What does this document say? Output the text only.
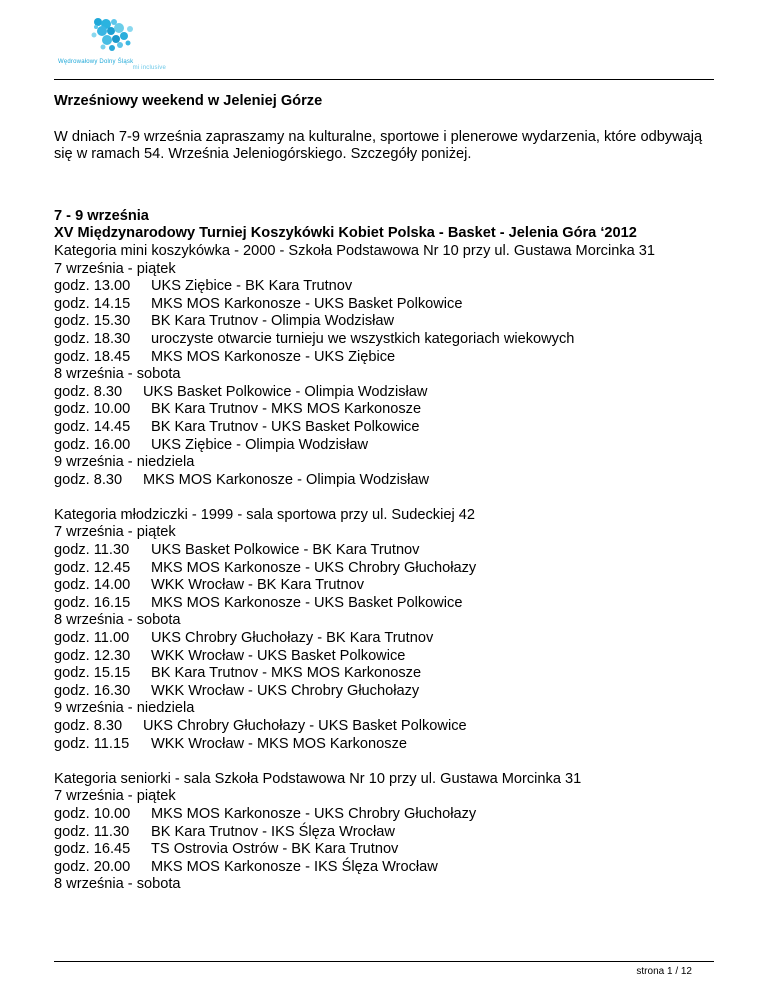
Wędrowałowy Dolny Śląsk
mi inclusive
Wrześniowy weekend w Jeleniej Górze
W dniach 7-9 września zapraszamy na kulturalne, sportowe i plenerowe wydarzenia, które odbywają się w ramach 54. Września Jeleniogórskiego. Szczegóły poniżej.
7 - 9 września
XV Międzynarodowy Turniej Koszykówki Kobiet Polska - Basket - Jelenia Góra ‘2012
Kategoria mini koszykówka - 2000 - Szkoła Podstawowa Nr 10 przy ul. Gustawa Morcinka 31
7 września - piątek
godz. 13.00 UKS Ziębice - BK Kara Trutnov
godz. 14.15 MKS MOS Karkonosze - UKS Basket Polkowice
godz. 15.30 BK Kara Trutnov - Olimpia Wodzisław
godz. 18.30 uroczyste otwarcie turnieju we wszystkich kategoriach wiekowych
godz. 18.45 MKS MOS Karkonosze - UKS Ziębice
8 września - sobota
godz. 8.30 UKS Basket Polkowice - Olimpia Wodzisław
godz. 10.00 BK Kara Trutnov - MKS MOS Karkonosze
godz. 14.45 BK Kara Trutnov - UKS Basket Polkowice
godz. 16.00 UKS Ziębice - Olimpia Wodzisław
9 września - niedziela
godz. 8.30 MKS MOS Karkonosze - Olimpia Wodzisław
Kategoria młodziczki - 1999 - sala sportowa przy ul. Sudeckiej 42
7 września - piątek
godz. 11.30 UKS Basket Polkowice - BK Kara Trutnov
godz. 12.45 MKS MOS Karkonosze - UKS Chrobry Głuchołazy
godz. 14.00 WKK Wrocław - BK Kara Trutnov
godz. 16.15 MKS MOS Karkonosze - UKS Basket Polkowice
8 września - sobota
godz. 11.00 UKS Chrobry Głuchołazy - BK Kara Trutnov
godz. 12.30 WKK Wrocław - UKS Basket Polkowice
godz. 15.15 BK Kara Trutnov - MKS MOS Karkonosze
godz. 16.30 WKK Wrocław - UKS Chrobry Głuchołazy
9 września - niedziela
godz. 8.30 UKS Chrobry Głuchołazy - UKS Basket Polkowice
godz. 11.15 WKK Wrocław - MKS MOS Karkonosze
Kategoria seniorki - sala Szkoła Podstawowa Nr 10 przy ul. Gustawa Morcinka 31
7 września - piątek
godz. 10.00 MKS MOS Karkonosze - UKS Chrobry Głuchołazy
godz. 11.30 BK Kara Trutnov - IKS Ślęza Wrocław
godz. 16.45 TS Ostrovia Ostrów - BK Kara Trutnov
godz. 20.00 MKS MOS Karkonosze - IKS Ślęza Wrocław
8 września - sobota
strona 1 / 12
